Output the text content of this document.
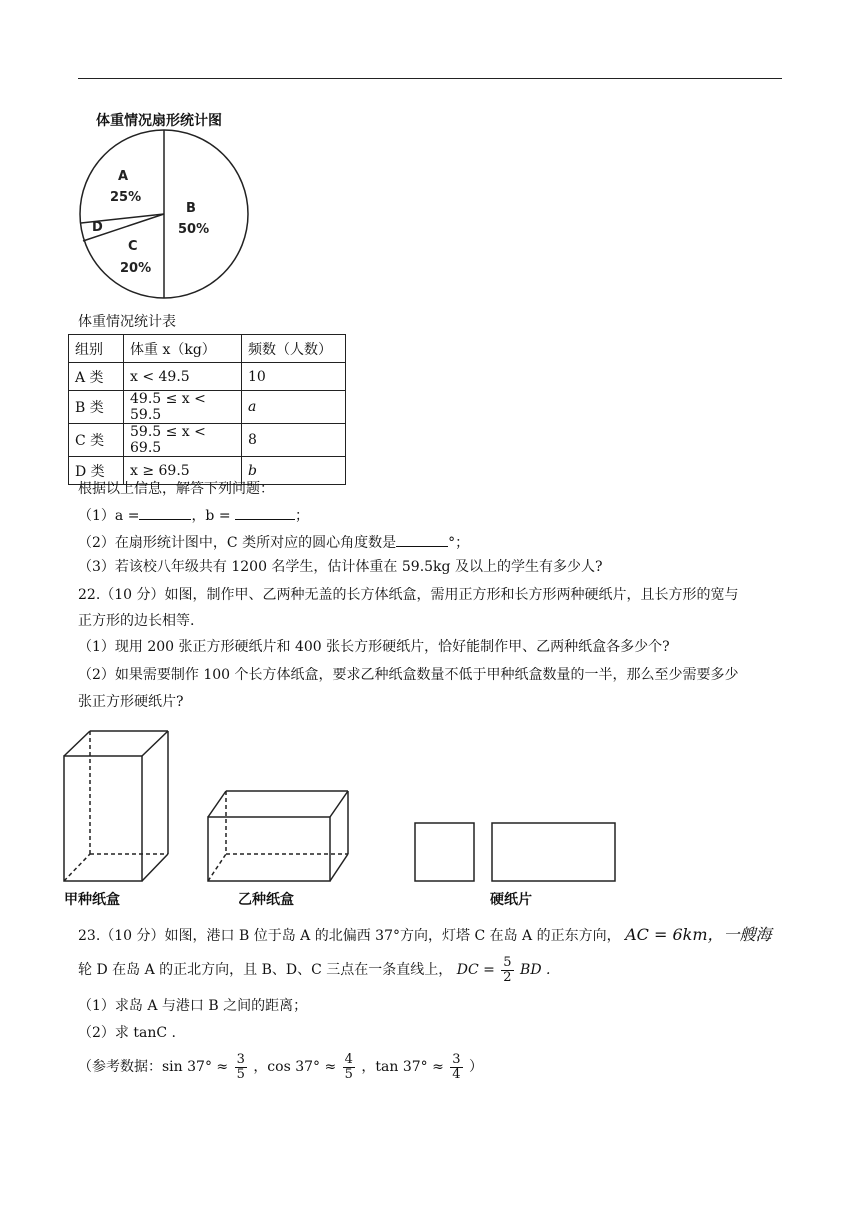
体重情况扇形统计图
A
25%
B
50%
C
20%
D
体重情况统计表
组别	体重 x（kg）	频数（人数）
A 类	x < 49.5	10
B 类	49.5 ≤ x < 59.5	a
C 类	59.5 ≤ x < 69.5	8
D 类	x ≥ 69.5	b
根据以上信息，解答下列问题：
（1）a =	，b =	；
（2）在扇形统计图中，C 类所对应的圆心角度数是	°；
（3）若该校八年级共有 1200 名学生，估计体重在 59.5kg 及以上的学生有多少人?
22.（10 分）如图，制作甲、乙两种无盖的长方体纸盒，需用正方形和长方形两种硬纸片，且长方形的宽与
正方形的边长相等.
（1）现用 200 张正方形硬纸片和 400 张长方形硬纸片，恰好能制作甲、乙两种纸盒各多少个?
（2）如果需要制作 100 个长方体纸盒，要求乙种纸盒数量不低于甲种纸盒数量的一半，那么至少需要多少
张正方形硬纸片?
甲种纸盒	乙种纸盒	硬纸片
23.（10 分）如图，港口 B 位于岛 A 的北偏西 37°方向，灯塔 C 在岛 A 的正东方向， AC = 6km，一艘海
轮 D 在岛 A 的正北方向，且 B、D、C 三点在一条直线上， DC = $\frac{5}{2}$ BD .
（1）求岛 A 与港口 B 之间的距离；
（2）求 tanC .
（参考数据：$\sin 37^\circ \approx \frac{3}{5}$ ，$\cos 37^\circ \approx \frac{4}{5}$ ，$\tan 37^\circ \approx \frac{3}{4}$ ）
